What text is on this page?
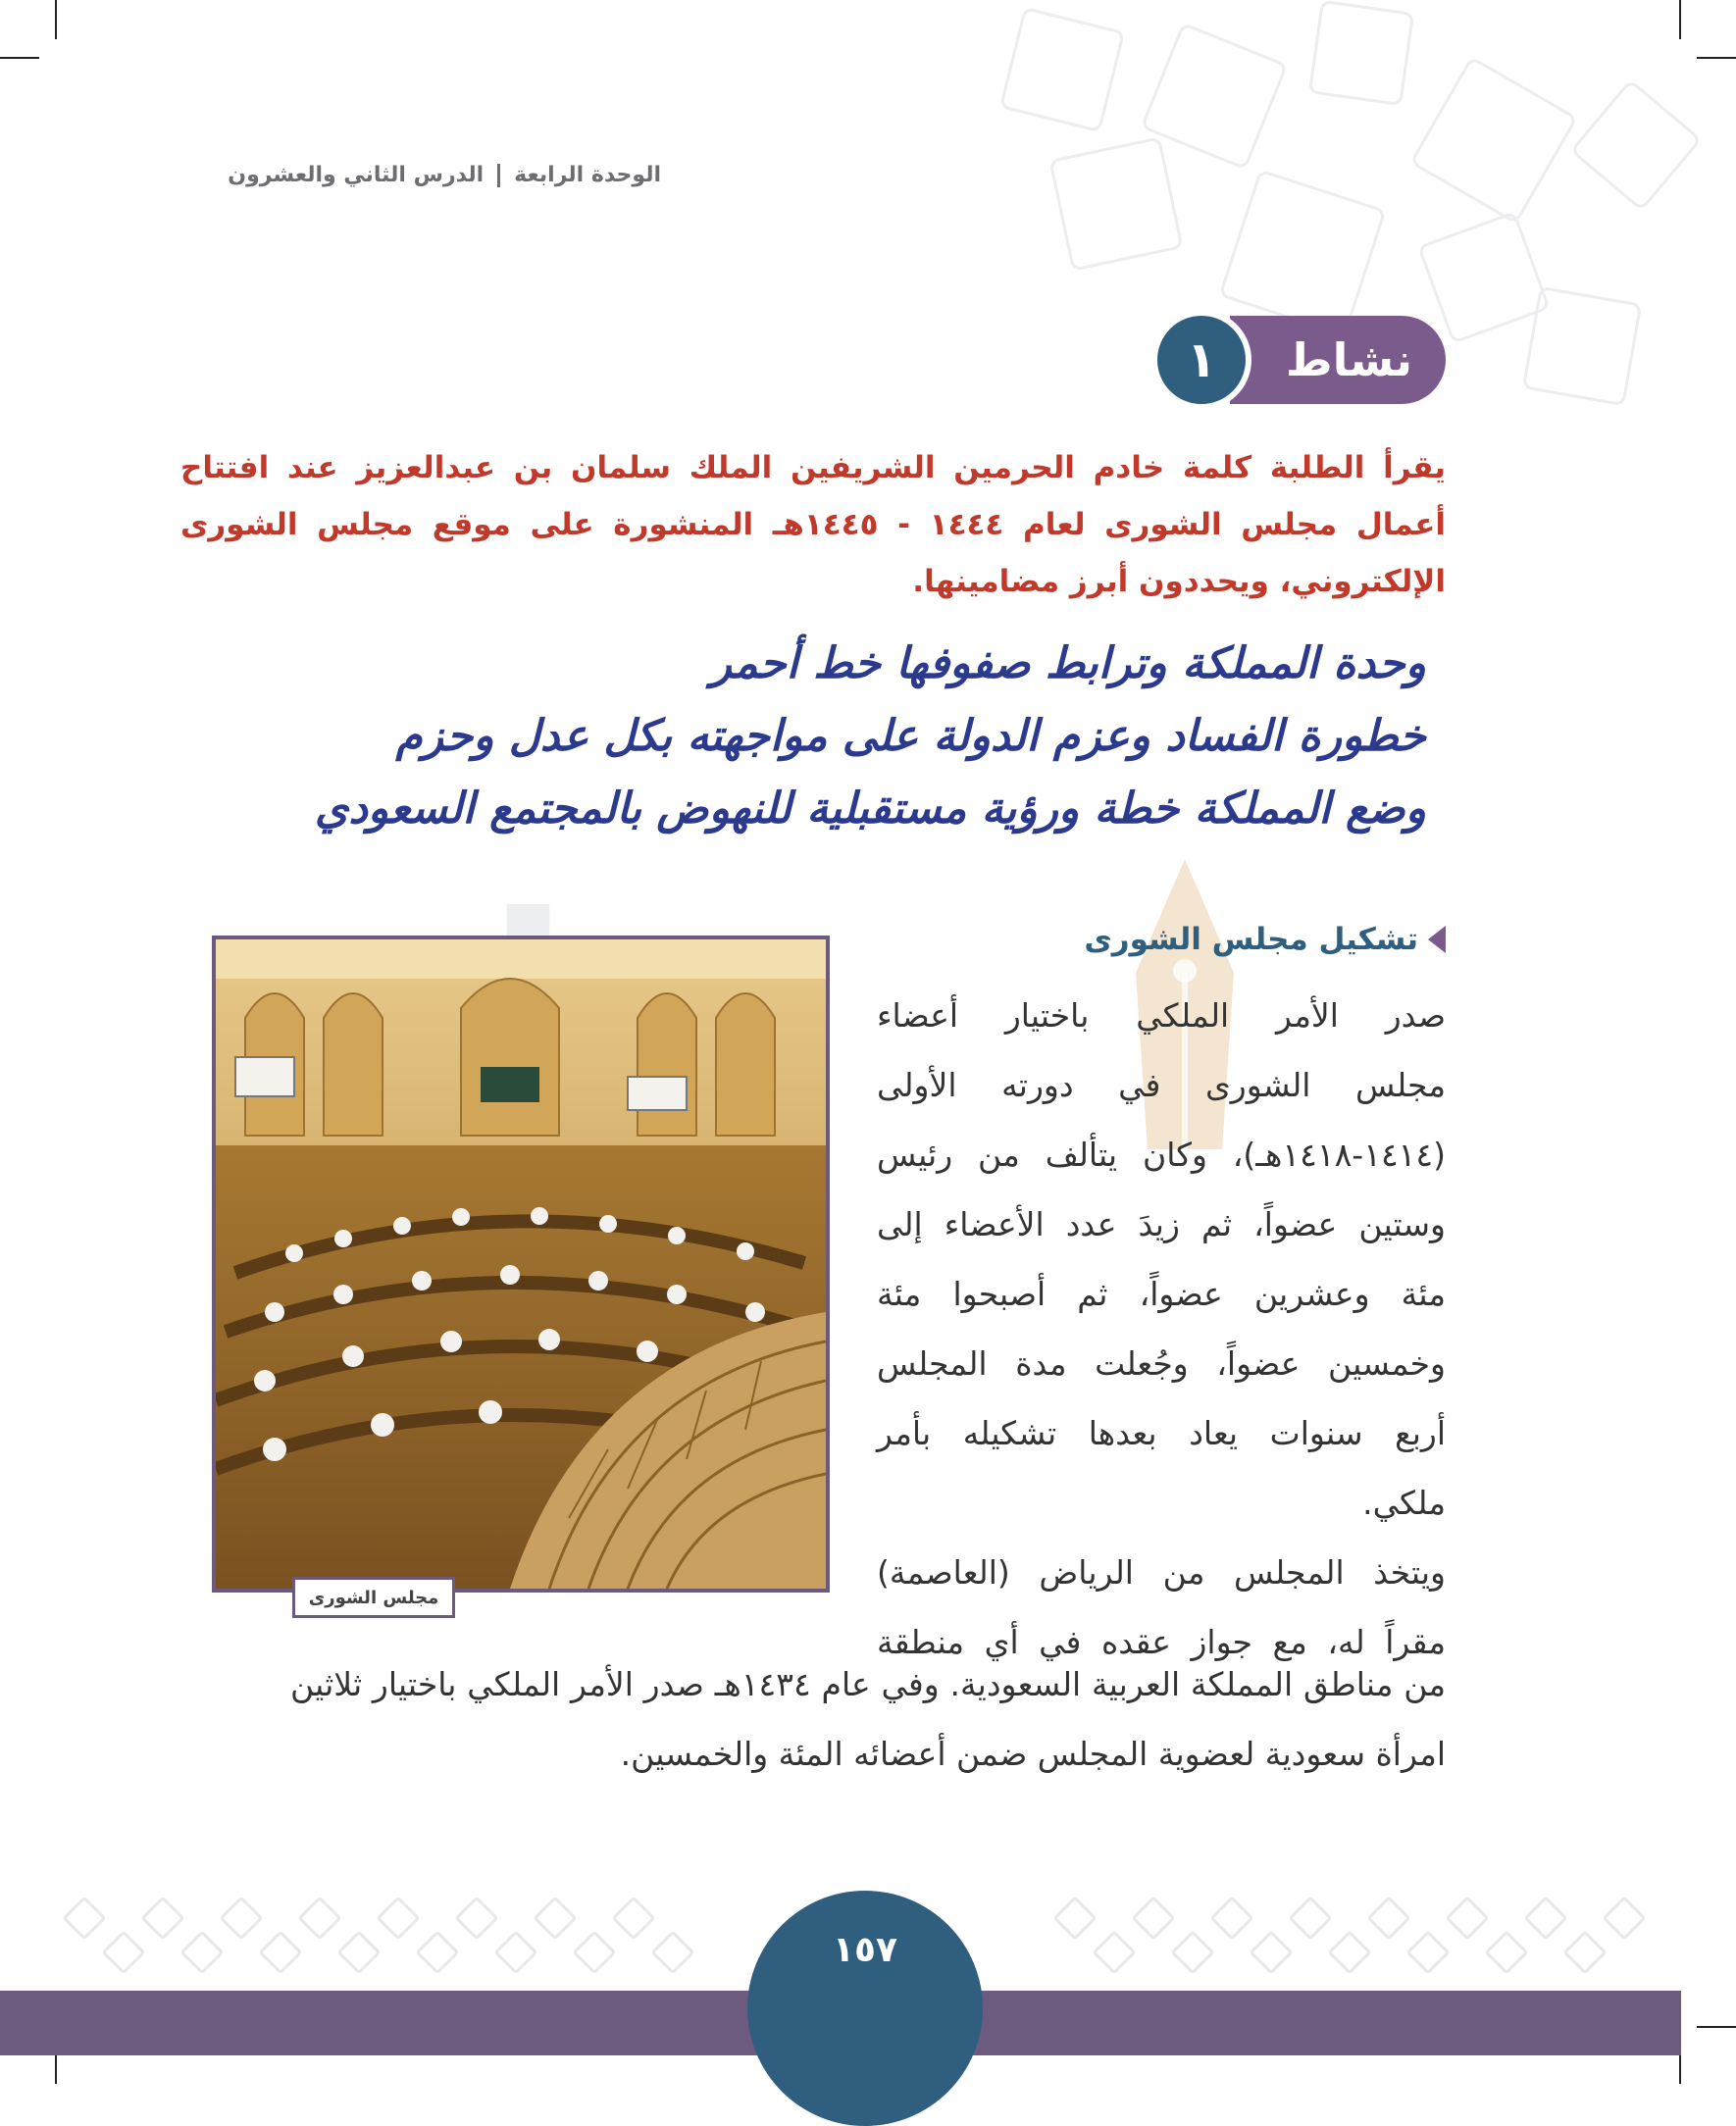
الوحدة الرابعة
الدرس الثاني والعشرون
نشاط
١
يقرأ الطلبة كلمة خادم الحرمين الشريفين الملك سلمان بن عبدالعزيز عند افتتاح أعمال مجلس الشورى لعام ١٤٤٤ - ١٤٤٥هـ المنشورة على موقع مجلس الشورى الإلكتروني، ويحددون أبرز مضامينها.
وحدة المملكة وترابط صفوفها خط أحمر
خطورة الفساد وعزم الدولة على مواجهته بكل عدل وحزم
وضع المملكة خطة ورؤية مستقبلية للنهوض بالمجتمع السعودي
تشكيل مجلس الشورى
صدر الأمر الملكي باختيار أعضاء
مجلس الشورى في دورته الأولى
(١٤١٤-١٤١٨هـ)، وكان يتألف من رئيس
وستين عضواً، ثم زيدَ عدد الأعضاء إلى
مئة وعشرين عضواً، ثم أصبحوا مئة
وخمسين عضواً، وجُعلت مدة المجلس
أربع سنوات يعاد بعدها تشكيله بأمر
ملكي.
ويتخذ المجلس من الرياض (العاصمة)
مقراً له، مع جواز عقده في أي منطقة
من مناطق المملكة العربية السعودية. وفي عام ١٤٣٤هـ صدر الأمر الملكي باختيار ثلاثين امرأة سعودية لعضوية المجلس ضمن أعضائه المئة والخمسين.
مجلس الشورى
١٥٧
